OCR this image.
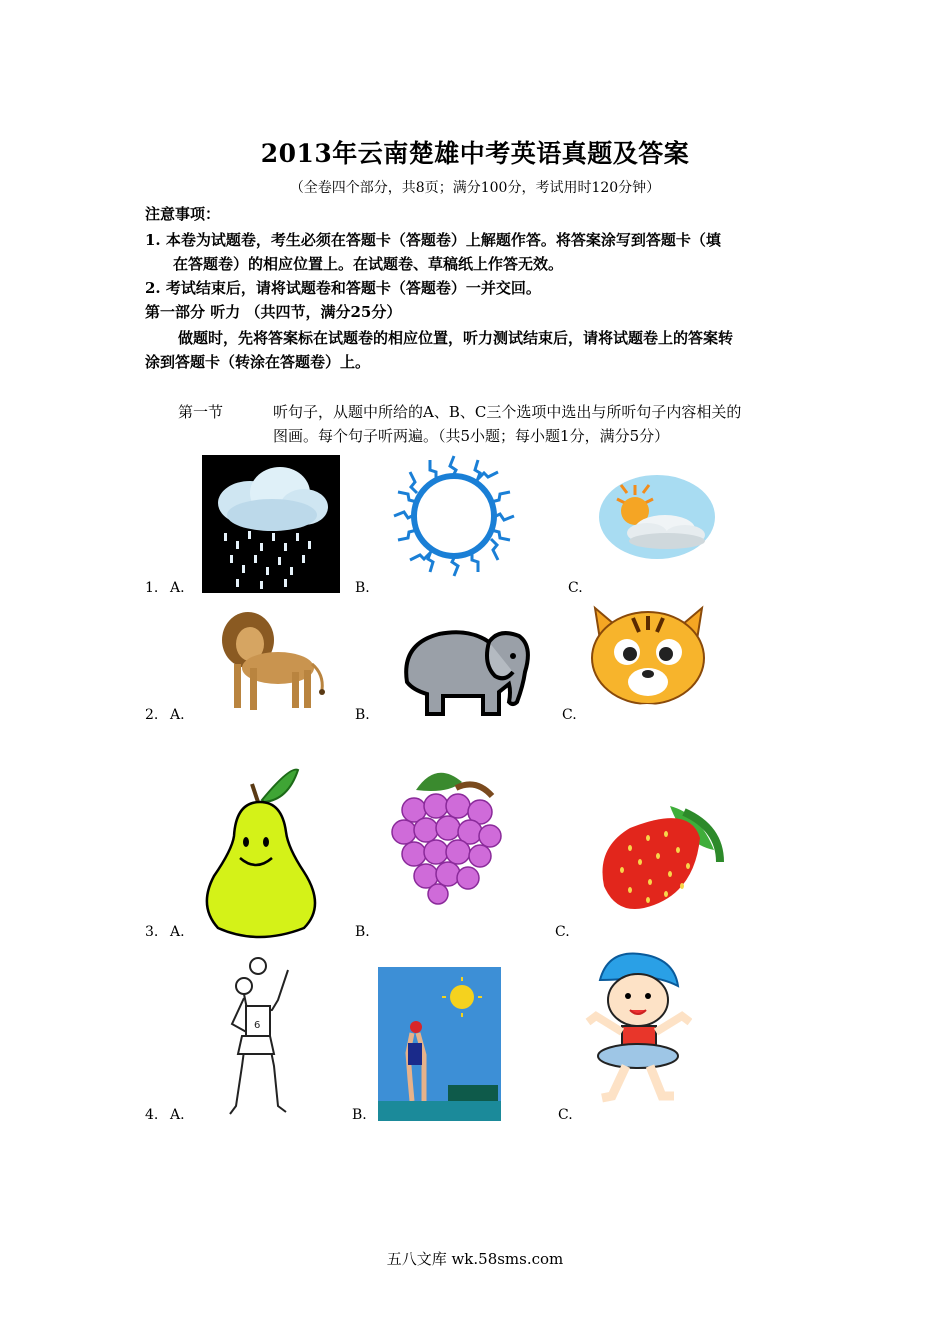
2013年云南楚雄中考英语真题及答案
（全卷四个部分，共8页；满分100分，考试用时120分钟）
注意事项：
1. 本卷为试题卷，考生必须在答题卡（答题卷）上解题作答。将答案涂写到答题卡（填
在答题卷）的相应位置上。在试题卷、草稿纸上作答无效。
2. 考试结束后，请将试题卷和答题卡（答题卷）一并交回。
第一部分 听力 （共四节，满分25分）
做题时，先将答案标在试题卷的相应位置，听力测试结束后，请将试题卷上的答案转
涂到答题卡（转涂在答题卷）上。
第一节	听句子，从题中所给的A、B、C三个选项中选出与所听句子内容相关的
图画。每个句子听两遍。（共5小题；每小题1分，满分5分）
1. A.	B.	C.
2. A.	B.	C.
3. A.	B.	C.
4. A.	B.	C.
6
五八文库 wk.58sms.com
